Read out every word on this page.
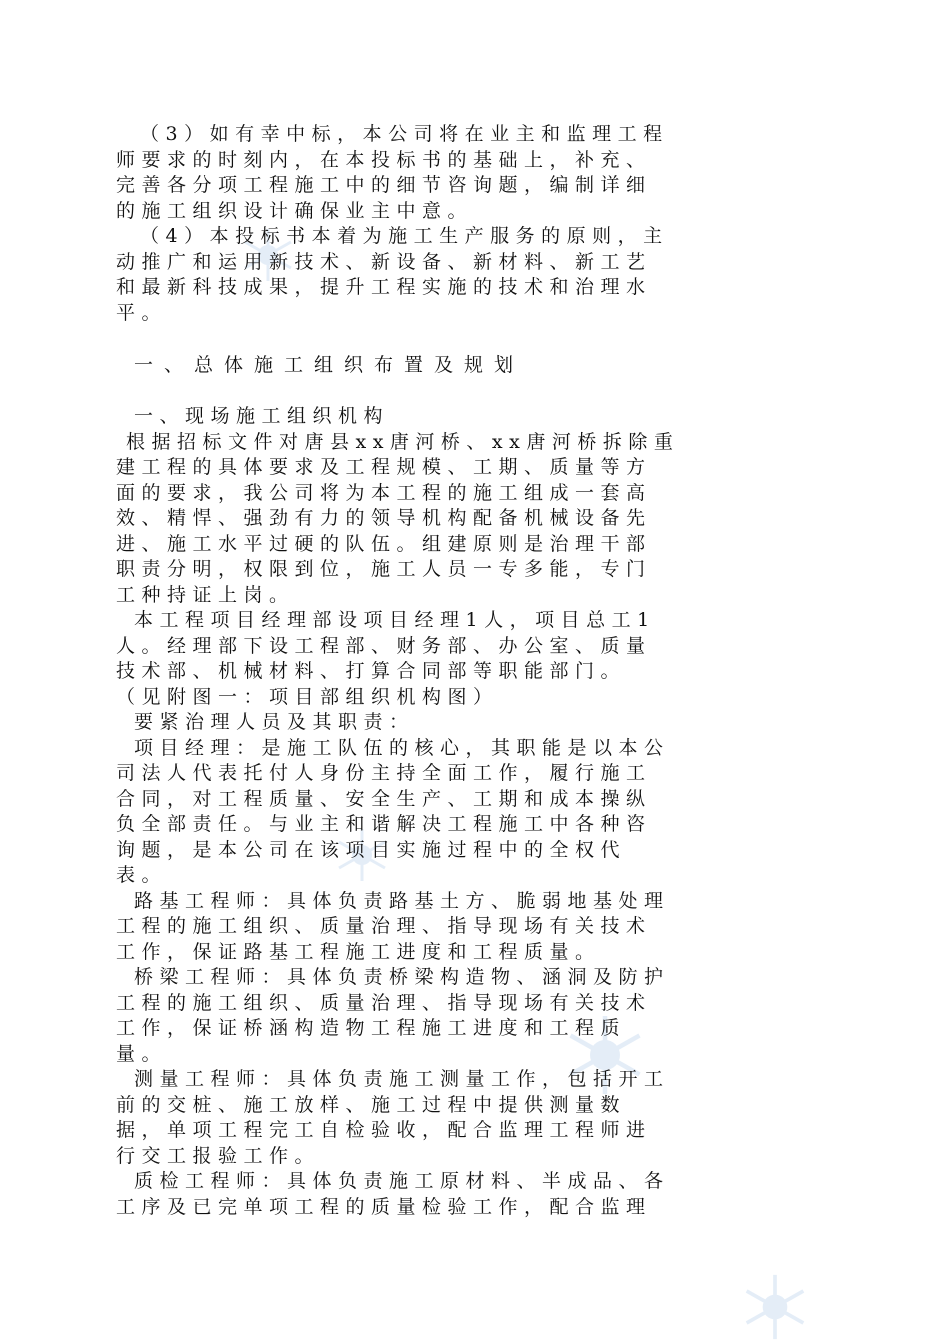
（3）如有幸中标，本公司将在业主和监理工程
师要求的时刻内，在本投标书的基础上，补充、
完善各分项工程施工中的细节咨询题，编制详细
的施工组织设计确保业主中意。
（4）本投标书本着为施工生产服务的原则，主
动推广和运用新技术、新设备、新材料、新工艺
和最新科技成果，提升工程实施的技术和治理水
平。
一、总体施工组织布置及规划
一、现场施工组织机构
根据招标文件对唐县xx唐河桥、xx唐河桥拆除重
建工程的具体要求及工程规模、工期、质量等方
面的要求，我公司将为本工程的施工组成一套高
效、精悍、强劲有力的领导机构配备机械设备先
进、施工水平过硬的队伍。组建原则是治理干部
职责分明，权限到位，施工人员一专多能，专门
工种持证上岗。
本工程项目经理部设项目经理1人，项目总工1
人。经理部下设工程部、财务部、办公室、质量
技术部、机械材料、打算合同部等职能部门。
（见附图一：项目部组织机构图）
要紧治理人员及其职责：
项目经理：是施工队伍的核心，其职能是以本公
司法人代表托付人身份主持全面工作，履行施工
合同，对工程质量、安全生产、工期和成本操纵
负全部责任。与业主和谐解决工程施工中各种咨
询题，是本公司在该项目实施过程中的全权代
表。
路基工程师：具体负责路基土方、脆弱地基处理
工程的施工组织、质量治理、指导现场有关技术
工作，保证路基工程施工进度和工程质量。
桥梁工程师：具体负责桥梁构造物、涵洞及防护
工程的施工组织、质量治理、指导现场有关技术
工作，保证桥涵构造物工程施工进度和工程质
量。
测量工程师：具体负责施工测量工作，包括开工
前的交桩、施工放样、施工过程中提供测量数
据，单项工程完工自检验收，配合监理工程师进
行交工报验工作。
质检工程师：具体负责施工原材料、半成品、各
工序及已完单项工程的质量检验工作，配合监理
